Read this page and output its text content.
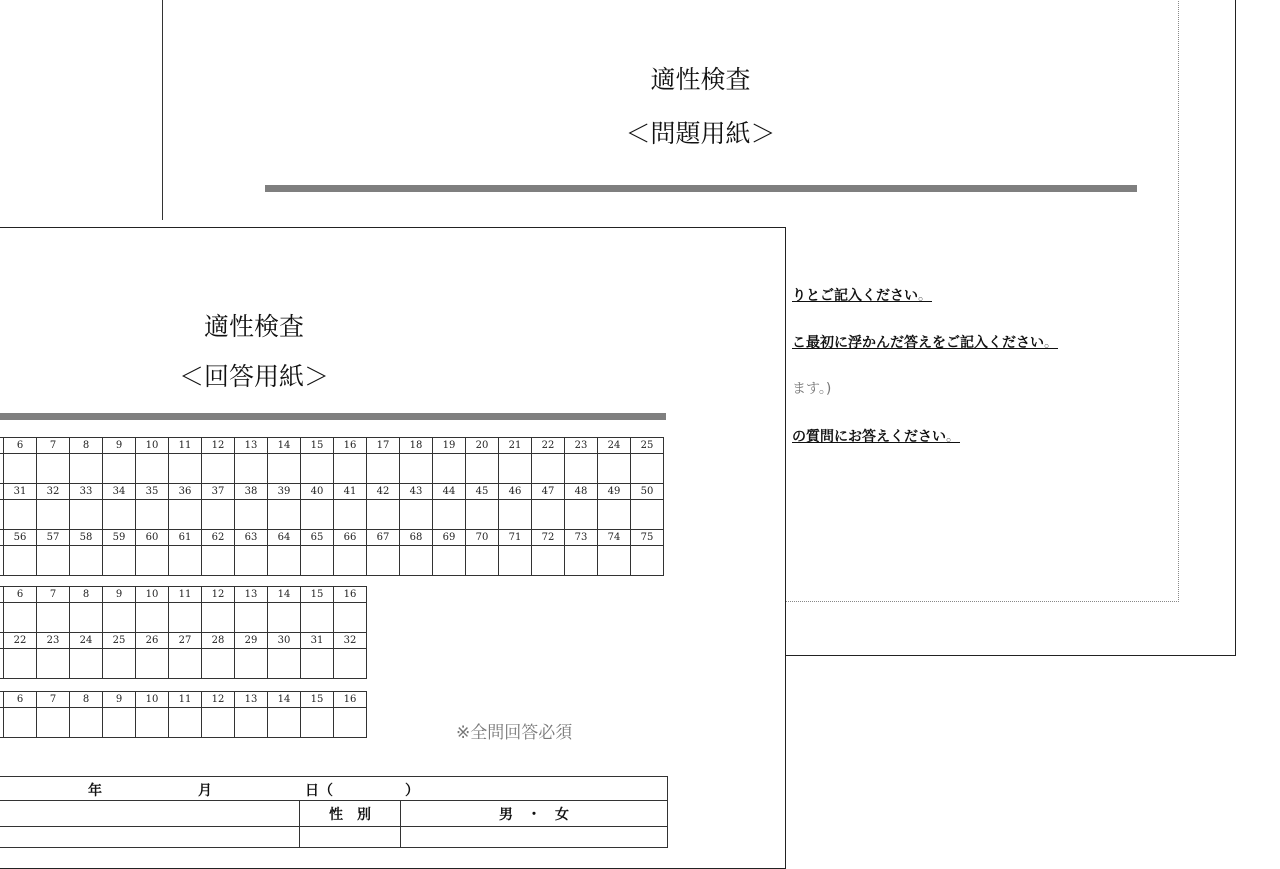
適性検査
＜問題用紙＞
りとご記入ください。
こ最初に浮かんだ答えをご記入ください。
ます。)
の質問にお答えください。
適性検査
＜回答用紙＞
	6	7	8	9	10	11	12	13	14	15	16	17	18	19	20	21	22	23	24	25

	31	32	33	34	35	36	37	38	39	40	41	42	43	44	45	46	47	48	49	50

	56	57	58	59	60	61	62	63	64	65	66	67	68	69	70	71	72	73	74	75

	6	7	8	9	10	11	12	13	14	15	16

	22	23	24	25	26	27	28	29	30	31	32

	6	7	8	9	10	11	12	13	14	15	16

※全問回答必須
年 月 日（ ）		

	性　別	男　・　女
